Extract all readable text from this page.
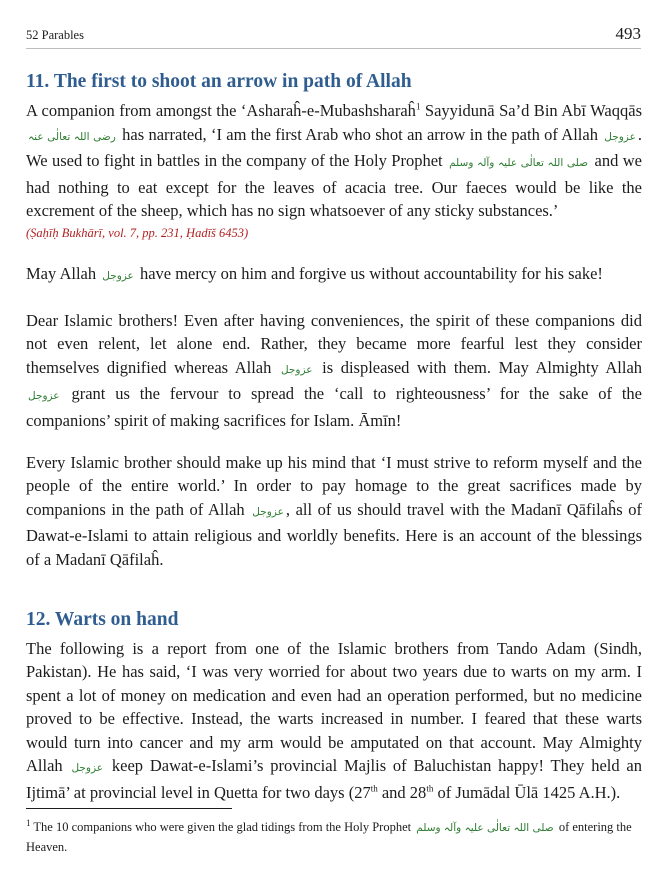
52 Parables	493
11. The first to shoot an arrow in path of Allah

A companion from amongst the ‘Asharaĥ-e-Mubashsharaĥ$^1$ Sayyidunā Sa’d Bin Abī Waqqās رضی اللہ تعالٰی عنہ has narrated, ‘I am the first Arab who shot an arrow in the path of Allah عزوجل . We used to fight in battles in the company of the Holy Prophet صلی اللہ تعالٰی علیہ وآلہ وسلم and we had nothing to eat except for the leaves of acacia tree. Our faeces would be like the excrement of the sheep, which has no sign whatsoever of any sticky substances.’

(Ṣaḥīḥ Bukhārī, vol. 7, pp. 231, Ḥadīš 6453)

May Allah عزوجل have mercy on him and forgive us without accountability for his sake!

Dear Islamic brothers! Even after having conveniences, the spirit of these companions did not even relent, let alone end. Rather, they became more fearful lest they consider themselves dignified whereas Allah عزوجل is displeased with them. May Almighty Allah عزوجل grant us the fervour to spread the ‘call to righteousness’ for the sake of the companions’ spirit of making sacrifices for Islam. Āmīn!

Every Islamic brother should make up his mind that ‘I must strive to reform myself and the people of the entire world.’ In order to pay homage to the great sacrifices made by companions in the path of Allah عزوجل , all of us should travel with the Madanī Qāfilaĥs of Dawat-e-Islami to attain religious and worldly benefits. Here is an account of the blessings of a Madanī Qāfilaĥ.

12. Warts on hand

The following is a report from one of the Islamic brothers from Tando Adam (Sindh, Pakistan). He has said, ‘I was very worried for about two years due to warts on my arm. I spent a lot of money on medication and even had an operation performed, but no medicine proved to be effective. Instead, the warts increased in number. I feared that these warts would turn into cancer and my arm would be amputated on that account. May Almighty Allah عزوجل keep Dawat-e-Islami’s provincial Majlis of Baluchistan happy! They held an Ijtimā’ at provincial level in Quetta for two days (27th and 28th of Jumādal Ūlā 1425 A.H.).

$^1$ The 10 companions who were given the glad tidings from the Holy Prophet صلی اللہ تعالٰی علیہ وآلہ وسلم of entering the Heaven.
